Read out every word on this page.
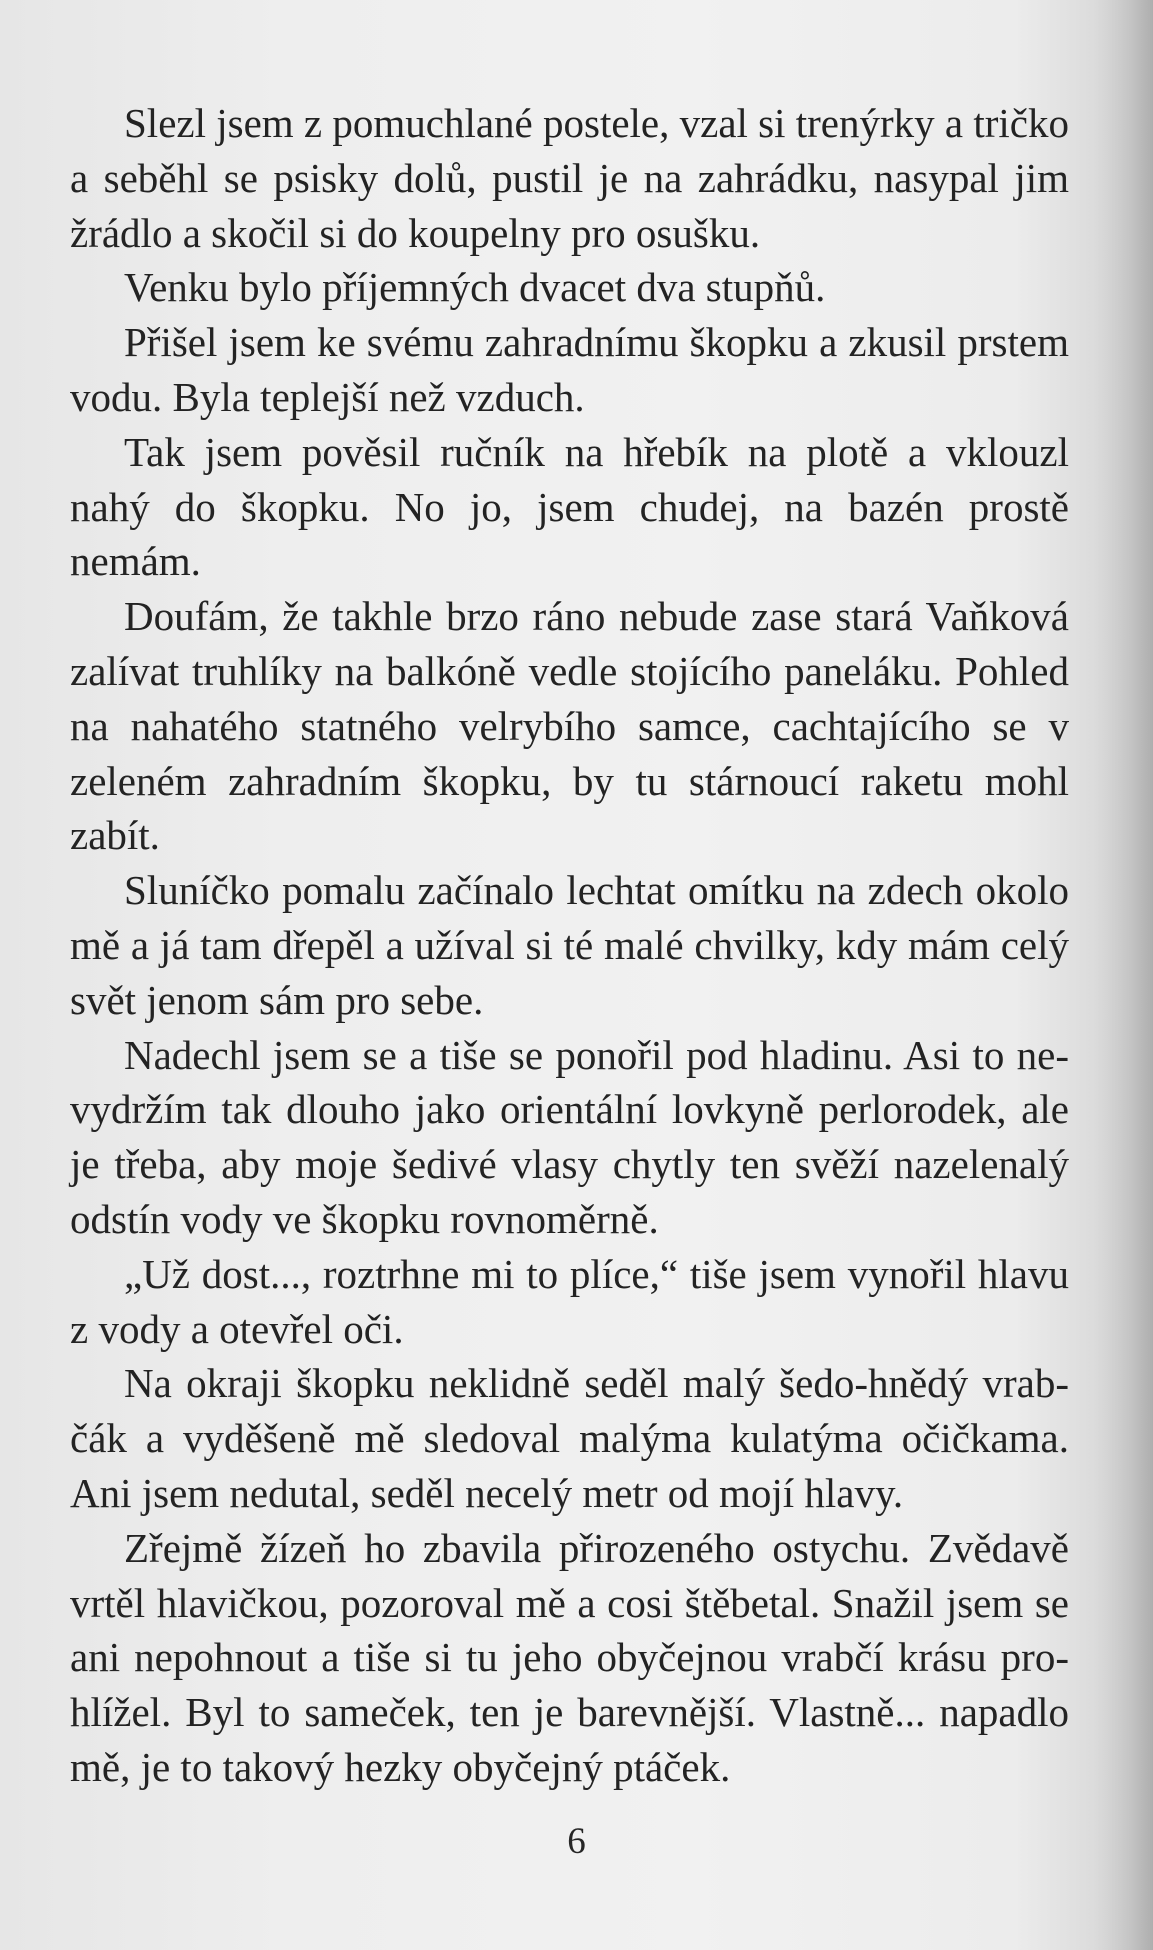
Slezl jsem z pomuchlané postele, vzal si trenýrky a tričko a seběhl se psisky dolů, pustil je na zahrádku, nasypal jim žrádlo a skočil si do koupelny pro osušku.

Venku bylo příjemných dvacet dva stupňů.

Přišel jsem ke svému zahradnímu škopku a zkusil prstem vodu. Byla teplejší než vzduch.

Tak jsem pověsil ručník na hřebík na plotě a vklouzl nahý do škopku. No jo, jsem chudej, na bazén prostě nemám.

Doufám, že takhle brzo ráno nebude zase stará Vaňková zalívat truhlíky na balkóně vedle stojícího paneláku. Pohled na nahatého statného velrybího samce, cachtajícího se v zeleném zahradním škopku, by tu stárnoucí raketu mohl zabít.

Sluníčko pomalu začínalo lechtat omítku na zdech okolo mě a já tam dřepěl a užíval si té malé chvilky, kdy mám celý svět jenom sám pro sebe.

Nadechl jsem se a tiše se ponořil pod hladinu. Asi to nevydržím tak dlouho jako orientální lovkyně perlorodek, ale je třeba, aby moje šedivé vlasy chytly ten svěží nazelenalý odstín vody ve škopku rovnoměrně.

„Už dost..., roztrhne mi to plíce,“ tiše jsem vynořil hlavu z vody a otevřel oči.

Na okraji škopku neklidně seděl malý šedo-hnědý vrabčák a vyděšeně mě sledoval malýma kulatýma očičkama. Ani jsem nedutal, seděl necelý metr od mojí hlavy.

Zřejmě žízeň ho zbavila přirozeného ostychu. Zvědavě vrtěl hlavičkou, pozoroval mě a cosi štěbetal. Snažil jsem se ani nepohnout a tiše si tu jeho obyčejnou vrabčí krásu prohlížel. Byl to sameček, ten je barevnější. Vlastně... napadlo mě, je to takový hezky obyčejný ptáček.

6
